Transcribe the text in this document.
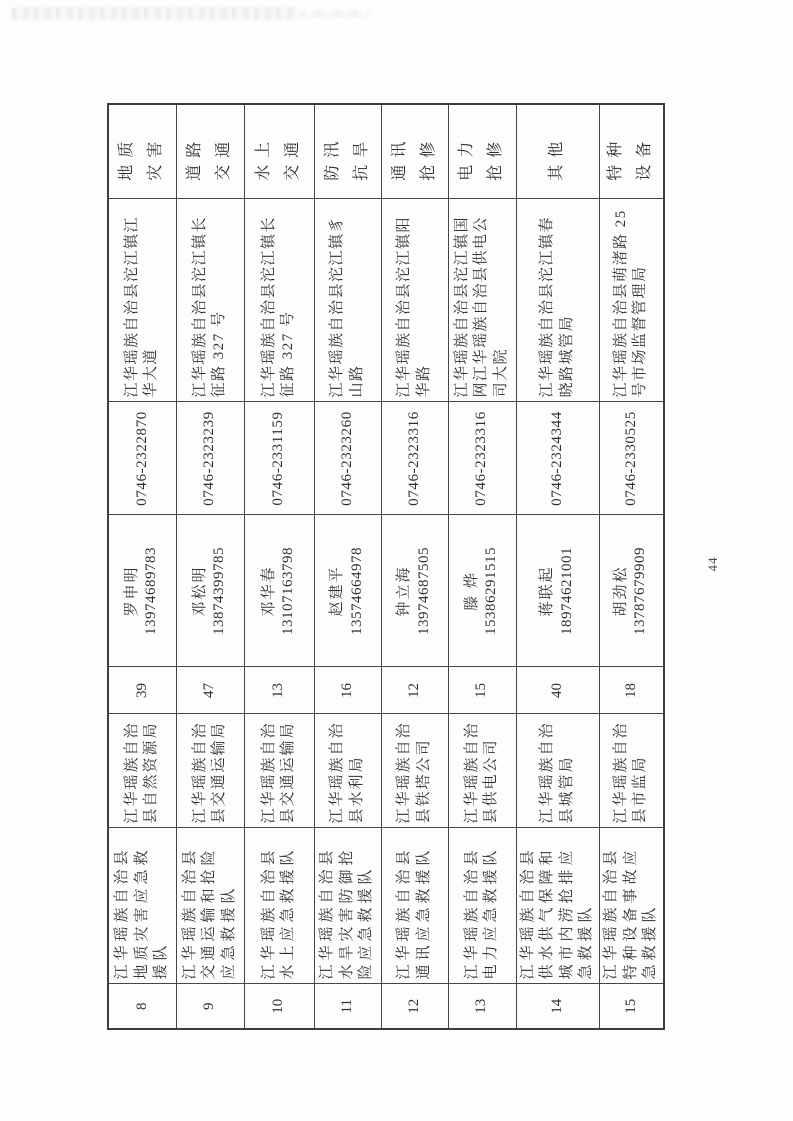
8	江华瑶族自治县地质灾害应急救援队	江华瑶族自治县自然资源局	39	罗申明 13974689783	0746-2322870	江华瑶族自治县沱江镇江华大道	地质灾害
9	江华瑶族自治县交通运输和抢险应急救援队	江华瑶族自治县交通运输局	47	邓松明 13874399785	0746-2323239	江华瑶族自治县沱江镇长征路 327 号	道路交通
10	江华瑶族自治县水上应急救援队	江华瑶族自治县交通运输局	13	邓华春 13107163798	0746-2331159	江华瑶族自治县沱江镇长征路 327 号	水上交通
11	江华瑶族自治县水旱灾害防御抢险应急救援队	江华瑶族自治县水利局	16	赵建平 13574664978	0746-2323260	江华瑶族自治县沱江镇豸山路	防汛抗旱
12	江华瑶族自治县通讯应急救援队	江华瑶族自治县铁塔公司	12	钟立海 13974687505	0746-2323316	江华瑶族自治县沱江镇阳华路	通讯抢修
13	江华瑶族自治县电力应急救援队	江华瑶族自治县供电公司	15	滕 烨 15386291515	0746-2323316	江华瑶族自治县沱江镇国网江华瑶族自治县供电公司大院	电力抢修
14	江华瑶族自治县供水供气保障和城市内涝抢排应急救援队	江华瑶族自治县城管局	40	蒋联起 18974621001	0746-2324344	江华瑶族自治县沱江镇春晓路城管局	其他
15	江华瑶族自治县特种设备事故应急救援队	江华瑶族自治县市监局	18	胡劲松 13787679909	0746-2330525	江华瑶族自治县萌渚路 25 号市场监督管理局	特种设备
44
